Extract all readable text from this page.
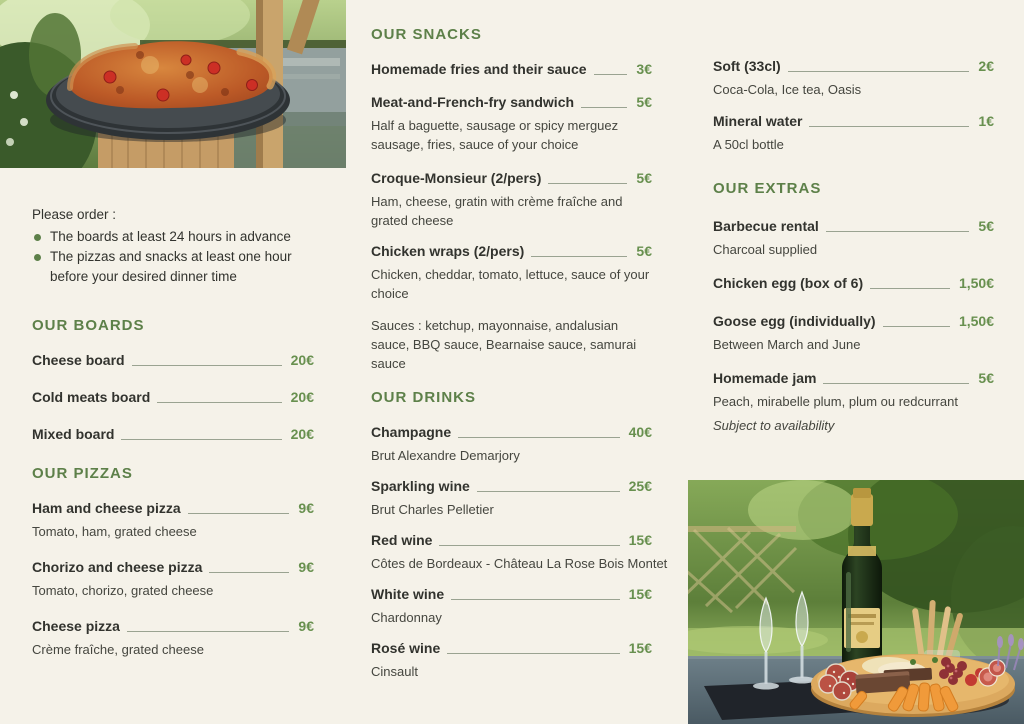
Please order :
The boards at least 24 hours in advance
The pizzas and snacks at least one hour before your desired dinner time
OUR BOARDS
Cheese board	20€
Cold meats board	20€
Mixed board	20€
OUR PIZZAS
Ham and cheese pizza	9€
Tomato, ham, grated cheese
Chorizo and cheese pizza	9€
Tomato, chorizo, grated cheese
Cheese pizza	9€
Crème fraîche, grated cheese
OUR SNACKS
Homemade fries and their sauce	3€
Meat-and-French-fry sandwich	5€
Half a baguette, sausage or spicy merguez sausage, fries, sauce of your choice
Croque-Monsieur (2/pers)	5€
Ham, cheese, gratin with crème fraîche and grated cheese
Chicken wraps (2/pers)	5€
Chicken, cheddar, tomato, lettuce, sauce of your choice
Sauces : ketchup, mayonnaise, andalusian sauce, BBQ sauce, Bearnaise sauce, samurai sauce
OUR DRINKS
Champagne	40€
Brut Alexandre Demarjory
Sparkling wine	25€
Brut Charles Pelletier
Red wine	15€
Côtes de Bordeaux - Château La Rose Bois Montet
White wine	15€
Chardonnay
Rosé wine	15€
Cinsault
Soft (33cl)	2€
Coca-Cola, Ice tea, Oasis
Mineral water	1€
A 50cl bottle
OUR EXTRAS
Barbecue rental	5€
Charcoal supplied
Chicken egg (box of 6)	1,50€
Goose egg (individually)	1,50€
Between March and June
Homemade jam	5€
Peach, mirabelle plum, plum ou redcurrant
Subject to availability
